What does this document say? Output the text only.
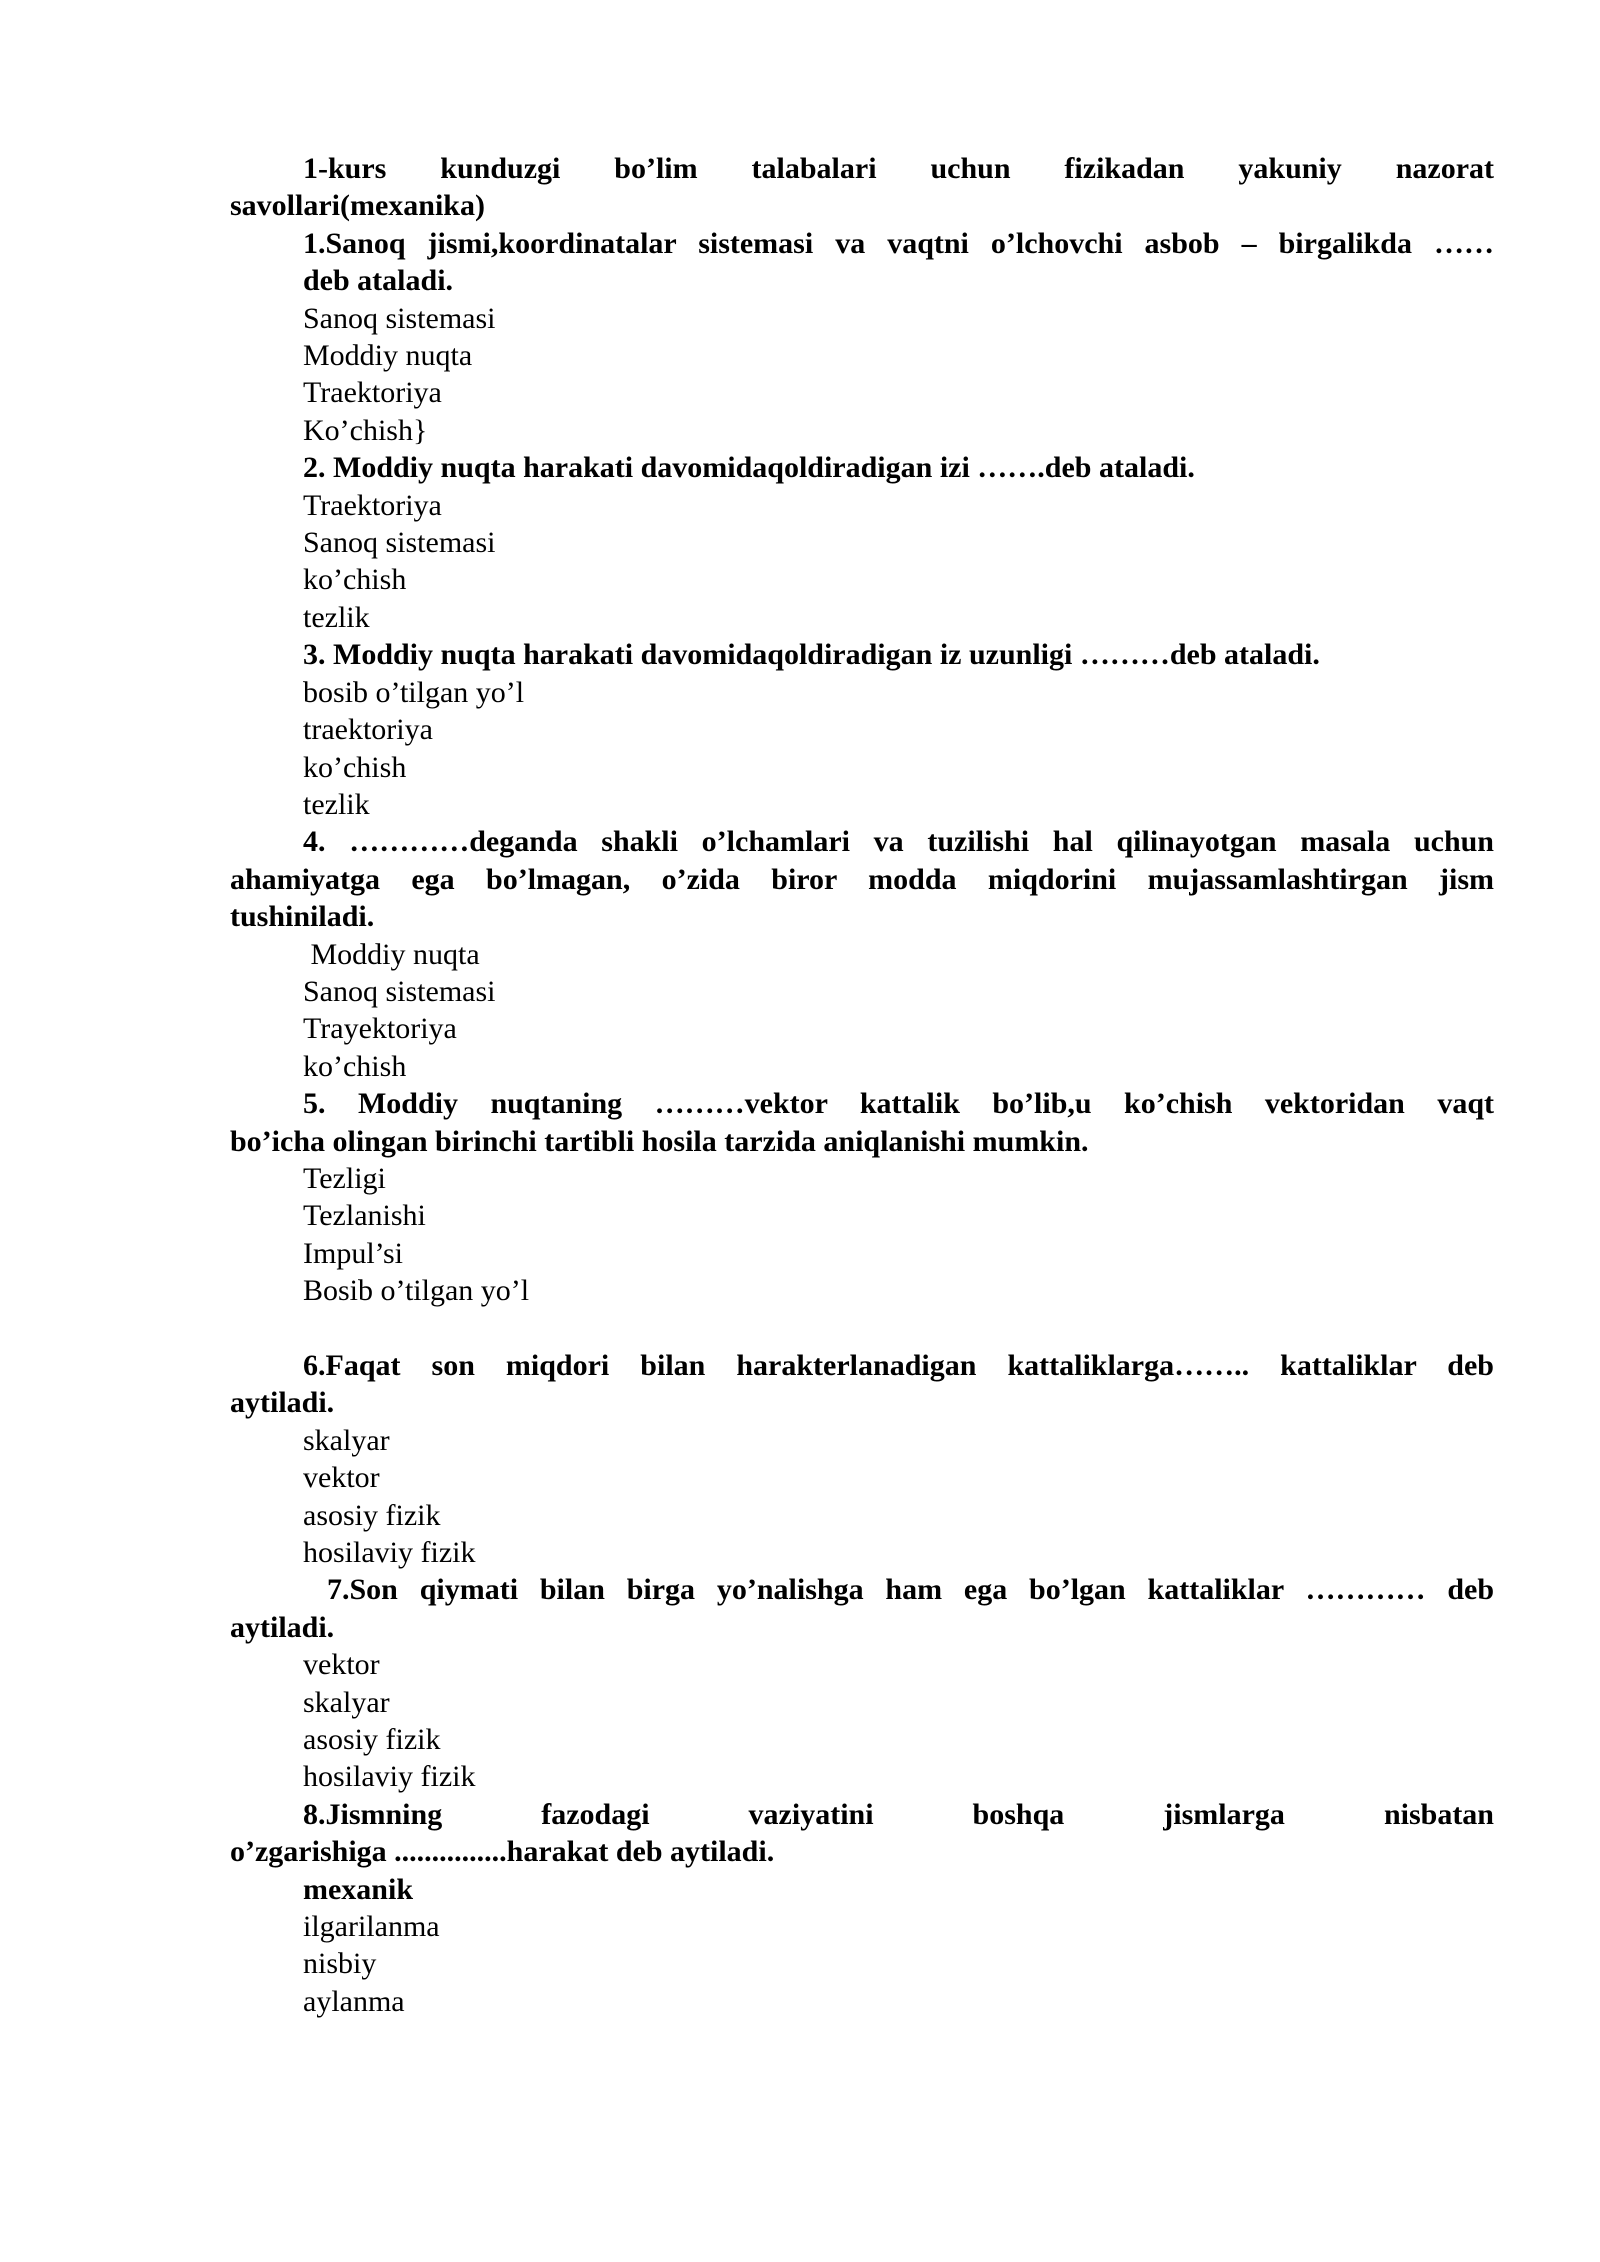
1-kurs kunduzgi bo’lim talabalari uchun fizikadan yakuniy nazorat
savollari(mexanika)
1.Sanoq jismi,koordinatalar sistemasi va vaqtni o’lchovchi asbob – birgalikda ……
deb ataladi.
Sanoq sistemasi
Moddiy nuqta
Traektoriya
Ko’chish}
2. Moddiy nuqta harakati davomidaqoldiradigan izi …….deb ataladi.
Traektoriya
Sanoq sistemasi
ko’chish
tezlik
3. Moddiy nuqta harakati davomidaqoldiradigan iz uzunligi ………deb ataladi.
bosib o’tilgan yo’l
traektoriya
ko’chish
tezlik
4. …………deganda shakli o’lchamlari va tuzilishi hal qilinayotgan masala uchun
ahamiyatga ega bo’lmagan, o’zida biror modda miqdorini mujassamlashtirgan jism
tushiniladi.
Moddiy nuqta
Sanoq sistemasi
Trayektoriya
ko’chish
5. Moddiy nuqtaning ………vektor kattalik bo’lib,u ko’chish vektoridan vaqt
bo’icha olingan birinchi tartibli hosila tarzida aniqlanishi mumkin.
Tezligi
Tezlanishi
Impul’si
Bosib o’tilgan yo’l
6.Faqat son miqdori bilan harakterlanadigan kattaliklarga…….. kattaliklar deb
aytiladi.
skalyar
vektor
asosiy fizik
hosilaviy fizik
7.Son qiymati bilan birga yo’nalishga ham ega bo’lgan kattaliklar ………… deb
aytiladi.
vektor
skalyar
asosiy fizik
hosilaviy fizik
8.Jismning fazodagi vaziyatini boshqa jismlarga nisbatan
o’zgarishiga ...............harakat deb aytiladi.
mexanik
ilgarilanma
nisbiy
aylanma
